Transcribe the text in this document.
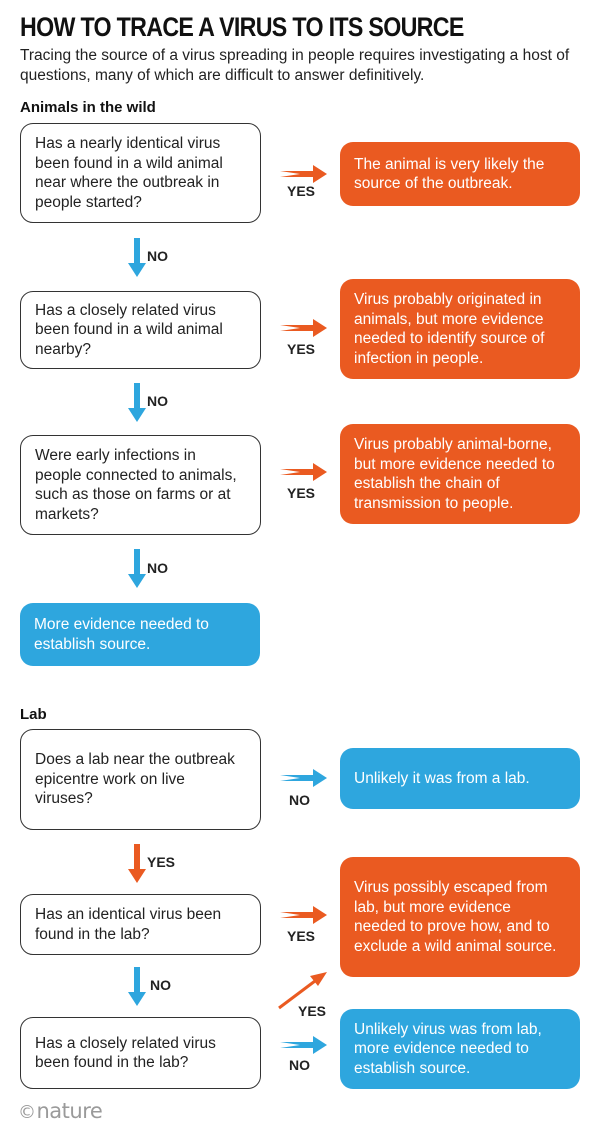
HOW TO TRACE A VIRUS TO ITS SOURCE
Tracing the source of a virus spreading in people requires investigating a host of questions, many of which are difficult to answer definitively.
Animals in the wild
Has a nearly identical virus been found in a wild animal near where the outbreak in people started?
The animal is very likely the source of the outbreak.
Has a closely related virus been found in a wild animal nearby?
Virus probably originated in animals, but more evidence needed to identify source of infection in people.
Were early infections in people connected to animals, such as those on farms or at markets?
Virus probably animal-borne, but more evidence needed to establish the chain of transmission to people.
More evidence needed to establish source.
Lab
Does a lab near the outbreak epicentre work on live viruses?
Unlikely it was from a lab.
Has an identical virus been found in the lab?
Virus possibly escaped from lab, but more evidence needed to prove how, and to exclude a wild animal source.
Has a closely related virus been found in the lab?
Unlikely virus was from lab, more evidence needed to establish source.
YES
YES
YES
NO
NO
NO
NO
YES
YES
NO
YES
NO
©nature
